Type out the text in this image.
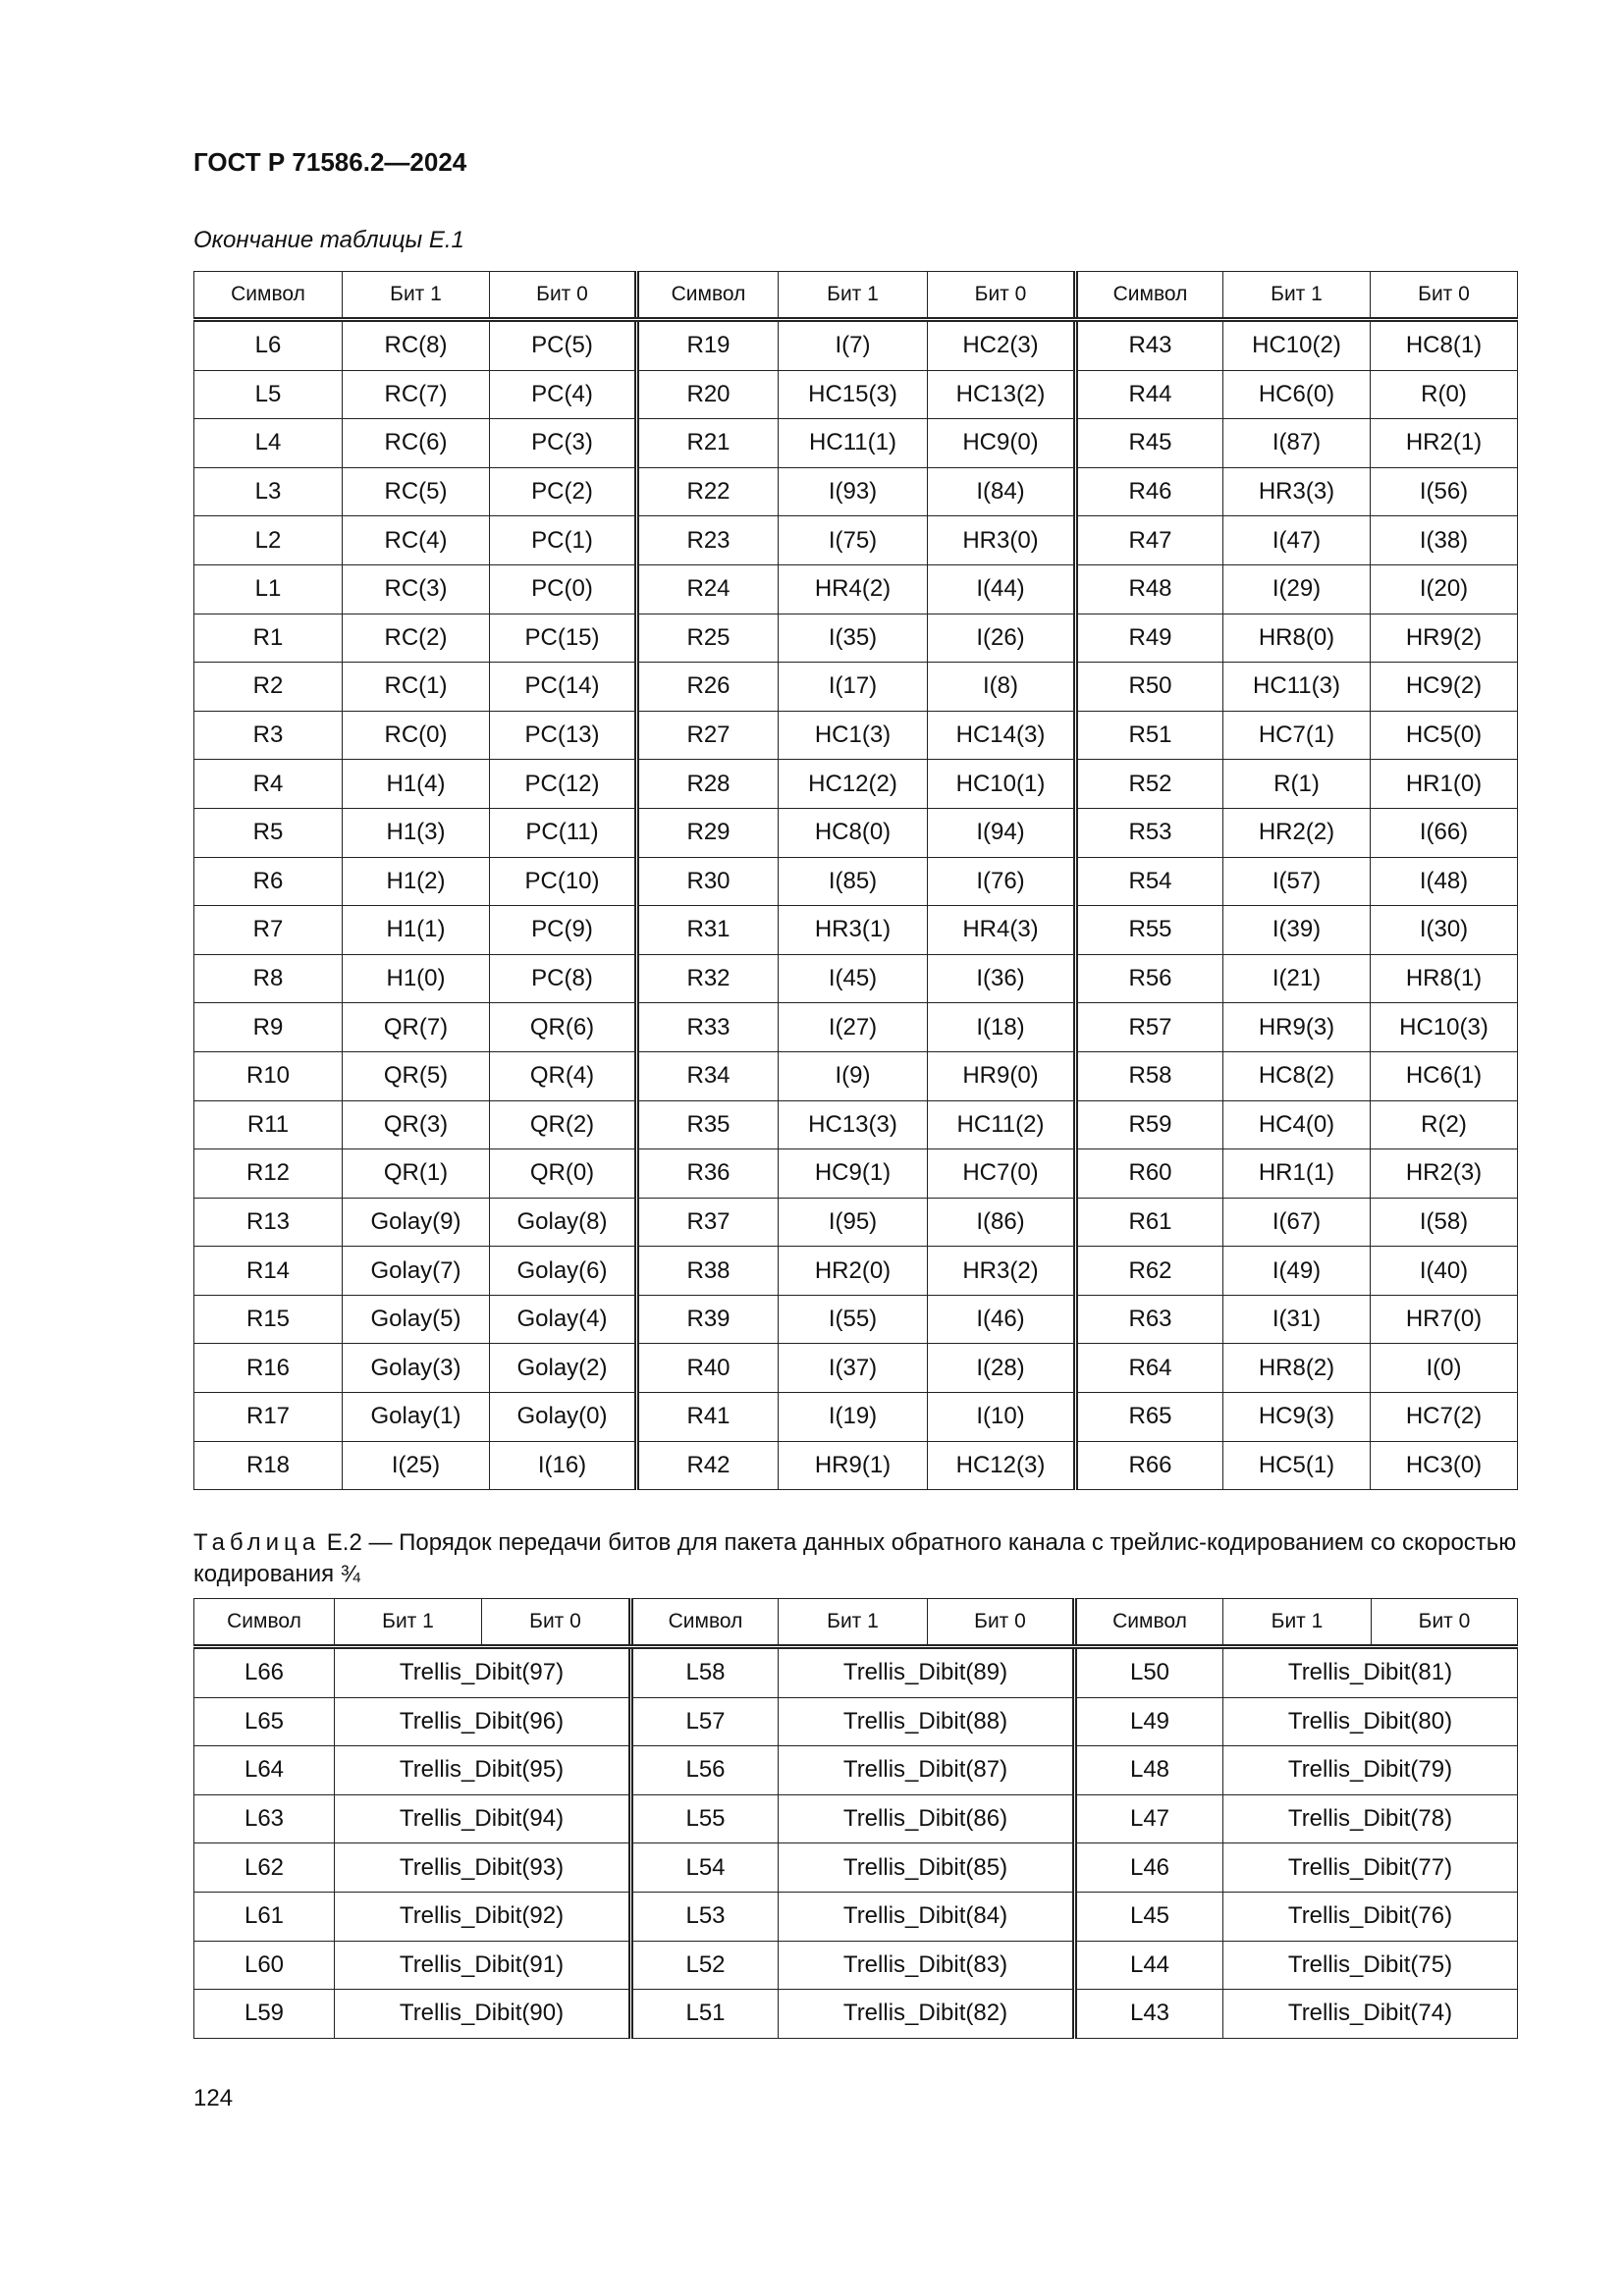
ГОСТ Р 71586.2—2024
Окончание таблицы Е.1
Символ	Бит 1	Бит 0	Символ	Бит 1	Бит 0	Символ	Бит 1	Бит 0
L6	RC(8)	PC(5)	R19	I(7)	HC2(3)	R43	HC10(2)	HC8(1)
L5	RC(7)	PC(4)	R20	HC15(3)	HC13(2)	R44	HC6(0)	R(0)
L4	RC(6)	PC(3)	R21	HC11(1)	HC9(0)	R45	I(87)	HR2(1)
L3	RC(5)	PC(2)	R22	I(93)	I(84)	R46	HR3(3)	I(56)
L2	RC(4)	PC(1)	R23	I(75)	HR3(0)	R47	I(47)	I(38)
L1	RC(3)	PC(0)	R24	HR4(2)	I(44)	R48	I(29)	I(20)
R1	RC(2)	PC(15)	R25	I(35)	I(26)	R49	HR8(0)	HR9(2)
R2	RC(1)	PC(14)	R26	I(17)	I(8)	R50	HC11(3)	HC9(2)
R3	RC(0)	PC(13)	R27	HC1(3)	HC14(3)	R51	HC7(1)	HC5(0)
R4	H1(4)	PC(12)	R28	HC12(2)	HC10(1)	R52	R(1)	HR1(0)
R5	H1(3)	PC(11)	R29	HC8(0)	I(94)	R53	HR2(2)	I(66)
R6	H1(2)	PC(10)	R30	I(85)	I(76)	R54	I(57)	I(48)
R7	H1(1)	PC(9)	R31	HR3(1)	HR4(3)	R55	I(39)	I(30)
R8	H1(0)	PC(8)	R32	I(45)	I(36)	R56	I(21)	HR8(1)
R9	QR(7)	QR(6)	R33	I(27)	I(18)	R57	HR9(3)	HC10(3)
R10	QR(5)	QR(4)	R34	I(9)	HR9(0)	R58	HC8(2)	HC6(1)
R11	QR(3)	QR(2)	R35	HC13(3)	HC11(2)	R59	HC4(0)	R(2)
R12	QR(1)	QR(0)	R36	HC9(1)	HC7(0)	R60	HR1(1)	HR2(3)
R13	Golay(9)	Golay(8)	R37	I(95)	I(86)	R61	I(67)	I(58)
R14	Golay(7)	Golay(6)	R38	HR2(0)	HR3(2)	R62	I(49)	I(40)
R15	Golay(5)	Golay(4)	R39	I(55)	I(46)	R63	I(31)	HR7(0)
R16	Golay(3)	Golay(2)	R40	I(37)	I(28)	R64	HR8(2)	I(0)
R17	Golay(1)	Golay(0)	R41	I(19)	I(10)	R65	HC9(3)	HC7(2)
R18	I(25)	I(16)	R42	HR9(1)	HC12(3)	R66	HC5(1)	HC3(0)
Таблица Е.2 — Порядок передачи битов для пакета данных обратного канала с трейлис-кодированием со скоростью кодирования ¾
Символ	Бит 1	Бит 0	Символ	Бит 1	Бит 0	Символ	Бит 1	Бит 0
L66	Trellis_Dibit(97)		L58	Trellis_Dibit(89)		L50	Trellis_Dibit(81)	
L65	Trellis_Dibit(96)		L57	Trellis_Dibit(88)		L49	Trellis_Dibit(80)	
L64	Trellis_Dibit(95)		L56	Trellis_Dibit(87)		L48	Trellis_Dibit(79)	
L63	Trellis_Dibit(94)		L55	Trellis_Dibit(86)		L47	Trellis_Dibit(78)	
L62	Trellis_Dibit(93)		L54	Trellis_Dibit(85)		L46	Trellis_Dibit(77)	
L61	Trellis_Dibit(92)		L53	Trellis_Dibit(84)		L45	Trellis_Dibit(76)	
L60	Trellis_Dibit(91)		L52	Trellis_Dibit(83)		L44	Trellis_Dibit(75)	
L59	Trellis_Dibit(90)		L51	Trellis_Dibit(82)		L43	Trellis_Dibit(74)	
124
